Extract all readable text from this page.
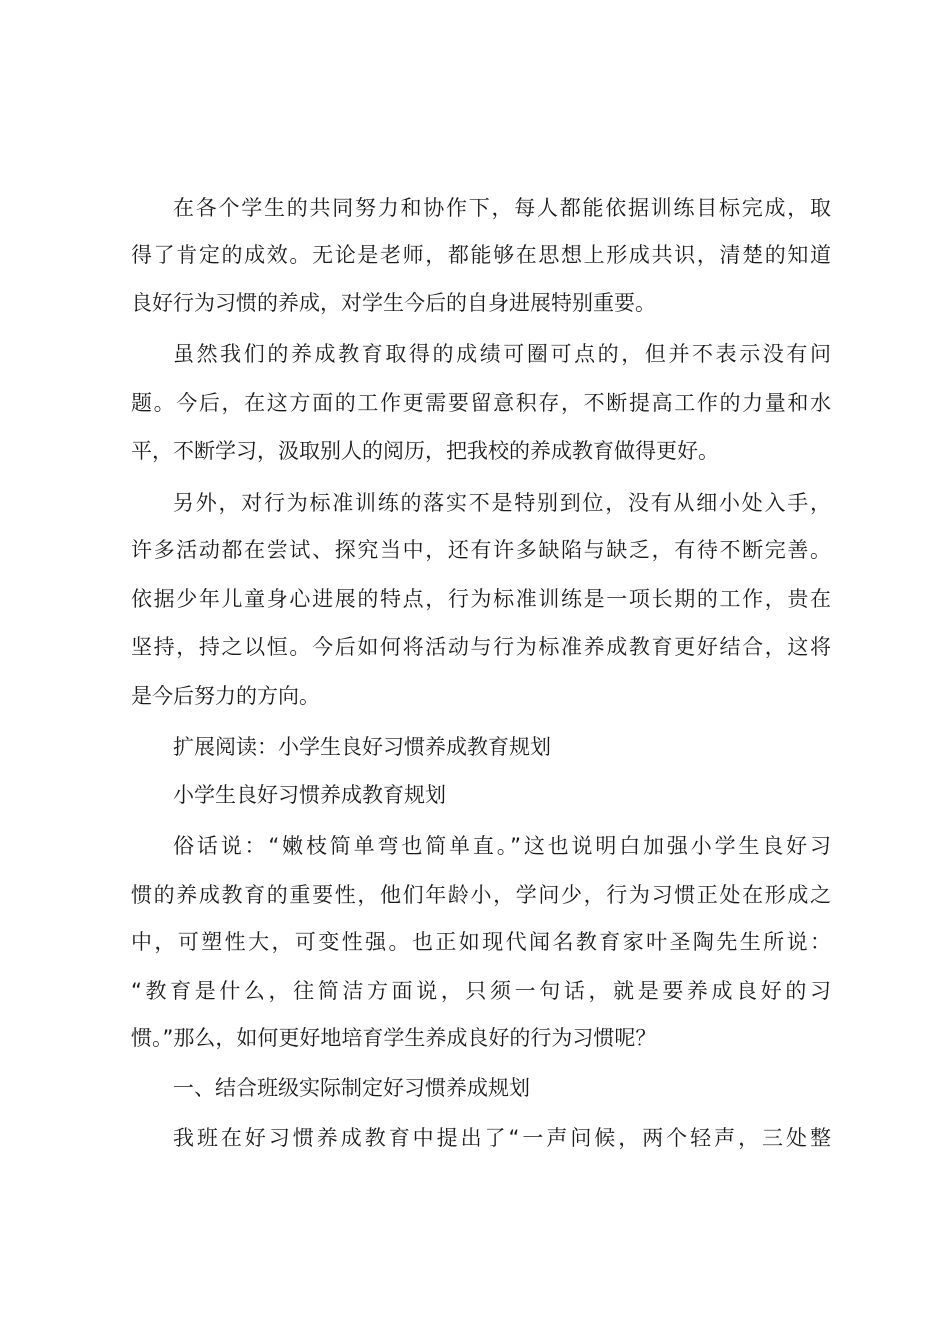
在各个学生的共同努力和协作下，每人都能依据训练目标完成，取
得了肯定的成效。无论是老师，都能够在思想上形成共识，清楚的知道
良好行为习惯的养成，对学生今后的自身进展特别重要。
虽然我们的养成教育取得的成绩可圈可点的，但并不表示没有问
题。今后，在这方面的工作更需要留意积存，不断提高工作的力量和水
平，不断学习，汲取别人的阅历，把我校的养成教育做得更好。
另外，对行为标准训练的落实不是特别到位，没有从细小处入手，
许多活动都在尝试、探究当中，还有许多缺陷与缺乏，有待不断完善。
依据少年儿童身心进展的特点，行为标准训练是一项长期的工作，贵在
坚持，持之以恒。今后如何将活动与行为标准养成教育更好结合，这将
是今后努力的方向。
扩展阅读：小学生良好习惯养成教育规划
小学生良好习惯养成教育规划
俗话说：“嫩枝简单弯也简单直。”这也说明白加强小学生良好习
惯的养成教育的重要性，他们年龄小，学问少，行为习惯正处在形成之
中，可塑性大，可变性强。也正如现代闻名教育家叶圣陶先生所说：
“教育是什么，往简洁方面说，只须一句话，就是要养成良好的习
惯。”那么，如何更好地培育学生养成良好的行为习惯呢？
一、结合班级实际制定好习惯养成规划
我班在好习惯养成教育中提出了“一声问候，两个轻声，三处整
